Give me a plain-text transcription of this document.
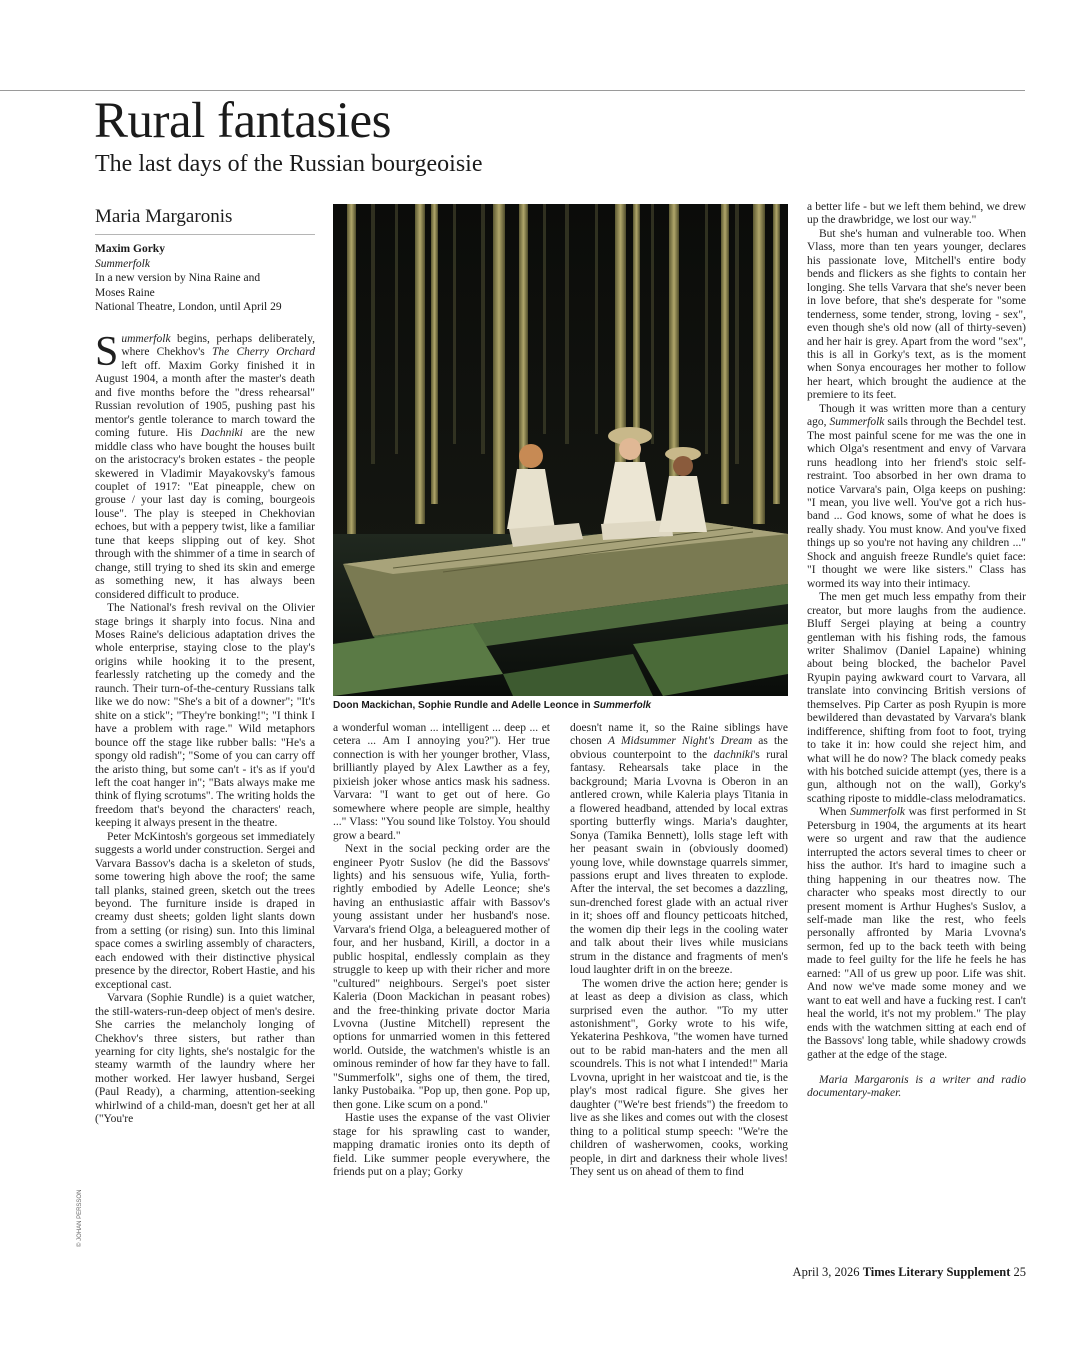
Rural fantasies
The last days of the Russian bourgeoisie
Maria Margaronis
Maxim Gorky
Summerfolk
In a new version by Nina Raine and
Moses Raine
National Theatre, London, until April 29

Summerfolk begins, perhaps deliberately, where Chekhov's The Cherry Orchard left off. Maxim Gorky finished it in August 1904, a month after the master's death and five months before the "dress rehearsal" Russian revolution of 1905, pushing past his mentor's gentle tolerance to march toward the coming future. His Dachniki are the new middle class who have bought the houses built on the aristocracy's broken estates - the people skewered in Vladimir Mayakovsky's famous couplet of 1917: "Eat pineapple, chew on grouse / your last day is coming, bourgeois louse". The play is steeped in Chekhovian echoes, but with a peppery twist, like a familiar tune that keeps slipping out of key. Shot through with the shimmer of a time in search of change, still trying to shed its skin and emerge as something new, it has always been considered difficult to produce.

The National's fresh revival on the Olivier stage brings it sharply into focus. Nina and Moses Raine's delicious adaptation drives the whole enterprise, staying close to the play's origins while hooking it to the present, fearlessly ratcheting up the comedy and the raunch. Their turn-of-the-century Russians talk like we do now: "She's a bit of a downer"; "It's shite on a stick"; "They're bonking!"; "I think I have a problem with rage." Wild metaphors bounce off the stage like rubber balls: "He's a spongy old radish"; "Some of you can carry off the aristo thing, but some can't - it's as if you'd left the coat hanger in"; "Bats always make me think of flying scrotums". The writing holds the freedom that's beyond the characters' reach, keeping it always present in the theatre.

Peter McKintosh's gorgeous set immediately suggests a world under construction. Sergei and Varvara Bassov's dacha is a skeleton of studs, some towering high above the roof; the same tall planks, stained green, sketch out the trees beyond. The furniture inside is draped in creamy dust sheets; golden light slants down from a setting (or rising) sun. Into this liminal space comes a swirling assembly of characters, each endowed with their distinctive physical presence by the director, Robert Hastie, and his exceptional cast.

Varvara (Sophie Rundle) is a quiet watcher, the still-waters-run-deep object of men's desire. She carries the melancholy longing of Chekhov's three sisters, but rather than yearning for city lights, she's nostalgic for the steamy warmth of the laundry where her mother worked. Her lawyer husband, Sergei (Paul Ready), a charming, attention-seeking whirlwind of a child-man, doesn't get her at all ("You're

Doon Mackichan, Sophie Rundle and Adelle Leonce in Summerfolk
© JOHAN PERSSON

a wonderful woman ... intelligent ... deep ... et cetera ... Am I annoying you?"). Her true connection is with her younger brother, Vlass, brilliantly played by Alex Lawther as a fey, pixieish joker whose antics mask his sadness. Varvara: "I want to get out of here. Go somewhere where people are simple, healthy ..." Vlass: "You sound like Tolstoy. You should grow a beard."

Next in the social pecking order are the engineer Pyotr Suslov (he did the Bassovs' lights) and his sensuous wife, Yulia, forthrightly embodied by Adelle Leonce; she's having an enthusiastic affair with Bassov's young assistant under her husband's nose. Varvara's friend Olga, a beleaguered mother of four, and her husband, Kirill, a doctor in a public hospital, endlessly complain as they struggle to keep up with their richer and more "cultured" neighbours. Sergei's poet sister Kaleria (Doon Mackichan in peasant robes) and the free-thinking private doctor Maria Lvovna (Justine Mitchell) represent the options for unmarried women in this fettered world. Outside, the watchmen's whistle is an ominous reminder of how far they have to fall. "Summerfolk", sighs one of them, the tired, lanky Pustobaika. "Pop up, then gone. Pop up, then gone. Like scum on a pond."

Hastie uses the expanse of the vast Olivier stage for his sprawling cast to wander, mapping dramatic ironies onto its depth of field. Like summer people everywhere, the friends put on a play; Gorky

doesn't name it, so the Raine siblings have chosen A Midsummer Night's Dream as the obvious counterpoint to the dachniki's rural fantasy. Rehearsals take place in the background; Maria Lvovna is Oberon in an antlered crown, while Kaleria plays Titania in a flowered headband, attended by local extras sporting butterfly wings. Maria's daughter, Sonya (Tamika Bennett), lolls stage left with her peasant swain in (obviously doomed) young love, while downstage quarrels simmer, passions erupt and lives threaten to explode. After the interval, the set becomes a dazzling, sun-drenched forest glade with an actual river in it; shoes off and flouncy petticoats hitched, the women dip their legs in the cooling water and talk about their lives while musicians strum in the distance and fragments of men's loud laughter drift in on the breeze.

The women drive the action here; gender is at least as deep a division as class, which surprised even the author. "To my utter astonishment", Gorky wrote to his wife, Yekaterina Peshkova, "the women have turned out to be rabid man-haters and the men all scoundrels. This is not what I intended!" Maria Lvovna, upright in her waistcoat and tie, is the play's most radical figure. She gives her daughter ("We're best friends") the freedom to live as she likes and comes out with the closest thing to a political stump speech: "We're the children of washerwomen, cooks, working people, in dirt and darkness their whole lives! They sent us on ahead of them to find

a better life - but we left them behind, we drew up the drawbridge, we lost our way."

But she's human and vulnerable too. When Vlass, more than ten years younger, declares his passionate love, Mitchell's entire body bends and flickers as she fights to contain her longing. She tells Varvara that she's never been in love before, that she's desperate for "some tenderness, some tender, strong, loving - sex", even though she's old now (all of thirty-seven) and her hair is grey. Apart from the word "sex", this is all in Gorky's text, as is the moment when Sonya encourages her mother to follow her heart, which brought the audience at the premiere to its feet.

Though it was written more than a century ago, Summerfolk sails through the Bechdel test. The most painful scene for me was the one in which Olga's resentment and envy of Varvara runs headlong into her friend's stoic self-restraint. Too absorbed in her own drama to notice Varvara's pain, Olga keeps on pushing: "I mean, you live well. You've got a rich husband ... God knows, some of what he does is really shady. You must know. And you've fixed things up so you're not having any children ..." Shock and anguish freeze Rundle's quiet face: "I thought we were like sisters." Class has wormed its way into their intimacy.

The men get much less empathy from their creator, but more laughs from the audience. Bluff Sergei playing at being a country gentleman with his fishing rods, the famous writer Shalimov (Daniel Lapaine) whining about being blocked, the bachelor Pavel Ryupin paying awkward court to Varvara, all translate into convincing British versions of themselves. Pip Carter as posh Ryupin is more bewildered than devastated by Varvara's blank indifference, shifting from foot to foot, trying to take it in: how could she reject him, and what will he do now? The black comedy peaks with his botched suicide attempt (yes, there is a gun, although not on the wall), Gorky's scathing riposte to middle-class melodramatics.

When Summerfolk was first performed in St Petersburg in 1904, the arguments at its heart were so urgent and raw that the audience interrupted the actors several times to cheer or hiss the author. It's hard to imagine such a thing happening in our theatres now. The character who speaks most directly to our present moment is Arthur Hughes's Suslov, a self-made man like the rest, who feels personally affronted by Maria Lvovna's sermon, fed up to the back teeth with being made to feel guilty for the life he feels he has earned: "All of us grew up poor. Life was shit. And now we've made some money and we want to eat well and have a fucking rest. I can't heal the world, it's not my problem." The play ends with the watchmen sitting at each end of the Bassovs' long table, while shadowy crowds gather at the edge of the stage.

Maria Margaronis is a writer and radio documentary-maker.

April 3, 2026 Times Literary Supplement 25
